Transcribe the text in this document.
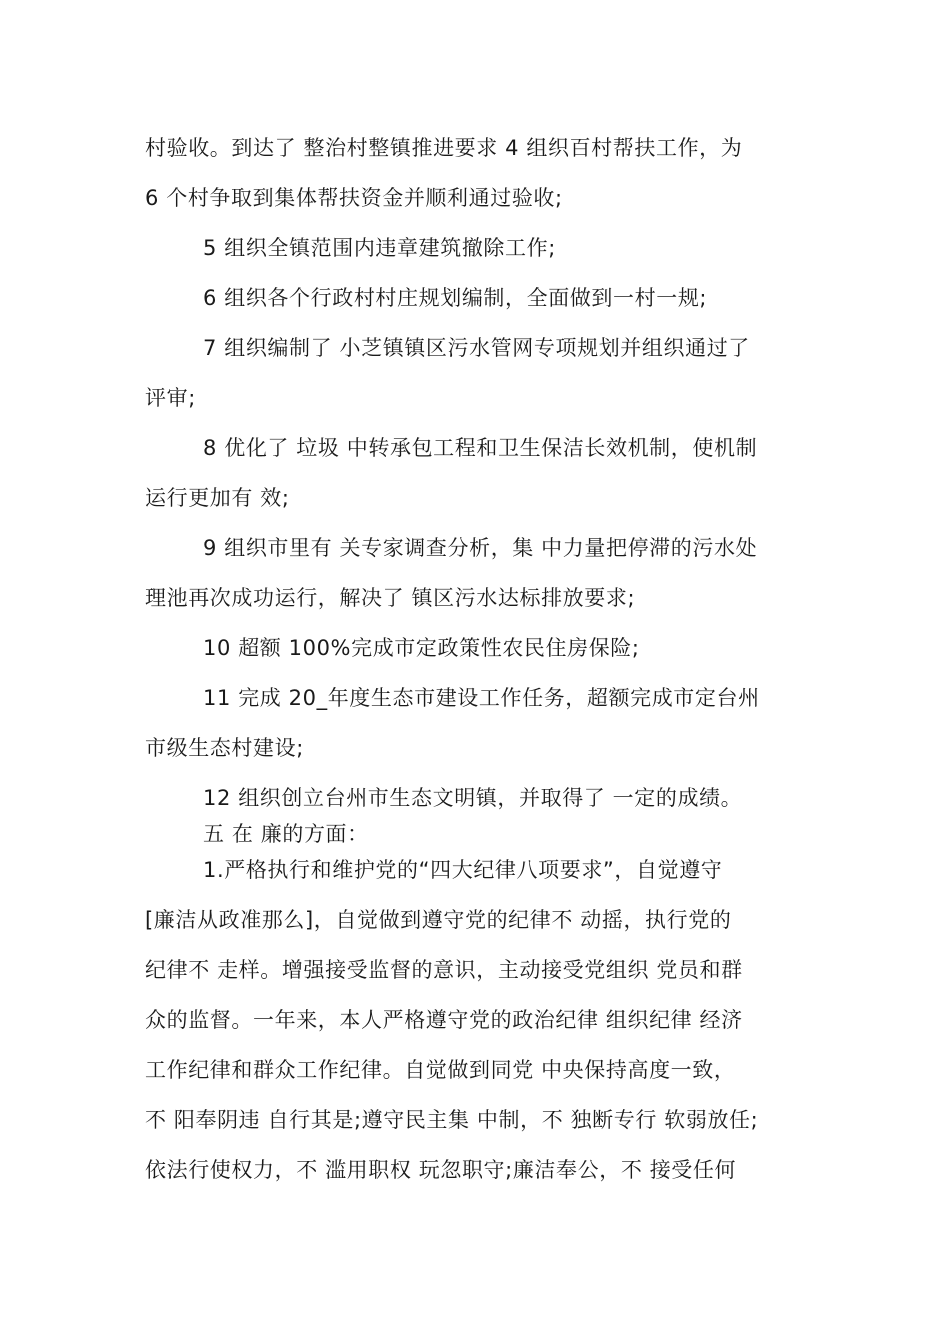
村验收。到达了 整治村整镇推进要求 4 组织百村帮扶工作，为
6 个村争取到集体帮扶资金并顺利通过验收;
5 组织全镇范围内违章建筑撤除工作;
6 组织各个行政村村庄规划编制，全面做到一村一规;
7 组织编制了 小芝镇镇区污水管网专项规划并组织通过了
评审;
8 优化了 垃圾 中转承包工程和卫生保洁长效机制，使机制
运行更加有 效;
9 组织市里有 关专家调查分析，集 中力量把停滞的污水处
理池再次成功运行，解决了 镇区污水达标排放要求;
10 超额 100%完成市定政策性农民住房保险;
11 完成 20_年度生态市建设工作任务，超额完成市定台州
市级生态村建设;
12 组织创立台州市生态文明镇，并取得了 一定的成绩。
五 在 廉的方面：
1.严格执行和维护党的“四大纪律八项要求”，自觉遵守
[廉洁从政准那么]，自觉做到遵守党的纪律不 动摇，执行党的
纪律不 走样。增强接受监督的意识，主动接受党组织 党员和群
众的监督。一年来，本人严格遵守党的政治纪律 组织纪律 经济
工作纪律和群众工作纪律。自觉做到同党 中央保持高度一致，
不 阳奉阴违 自行其是;遵守民主集 中制，不 独断专行 软弱放任;
依法行使权力，不 滥用职权 玩忽职守;廉洁奉公，不 接受任何
